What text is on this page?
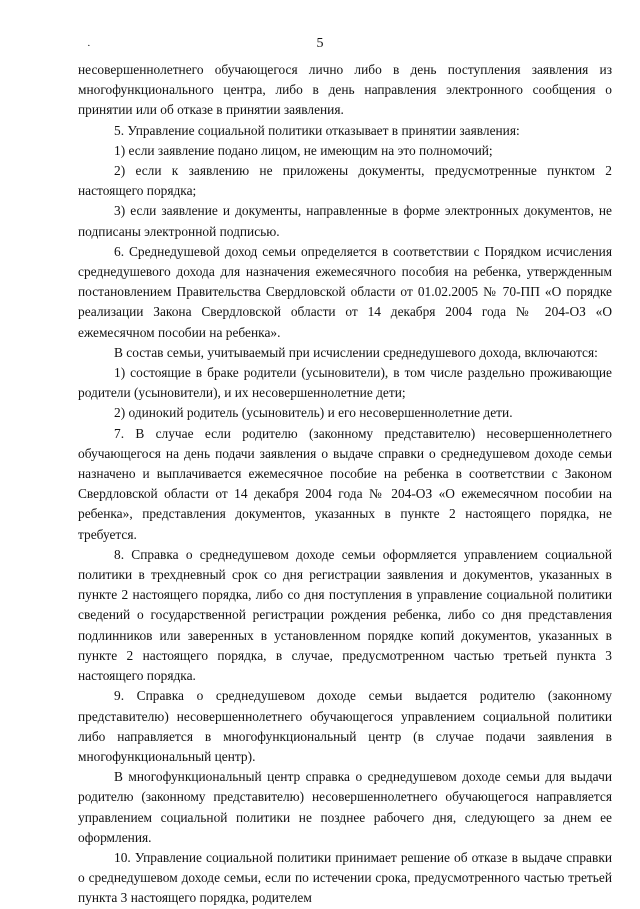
·	5

несовершеннолетнего обучающегося лично либо в день поступления заявления из многофункционального центра, либо в день направления электронного сообщения о принятии или об отказе в принятии заявления.

5. Управление социальной политики отказывает в принятии заявления:

1) если заявление подано лицом, не имеющим на это полномочий;

2) если к заявлению не приложены документы, предусмотренные пунктом 2 настоящего порядка;

3) если заявление и документы, направленные в форме электронных документов, не подписаны электронной подписью.

6. Среднедушевой доход семьи определяется в соответствии с Порядком исчисления среднедушевого дохода для назначения ежемесячного пособия на ребенка, утвержденным постановлением Правительства Свердловской области от 01.02.2005 № 70-ПП «О порядке реализации Закона Свердловской области от 14 декабря 2004 года № 204-ОЗ «О ежемесячном пособии на ребенка».

В состав семьи, учитываемый при исчислении среднедушевого дохода, включаются:

1) состоящие в браке родители (усыновители), в том числе раздельно проживающие родители (усыновители), и их несовершеннолетние дети;

2) одинокий родитель (усыновитель) и его несовершеннолетние дети.

7. В случае если родителю (законному представителю) несовершеннолетнего обучающегося на день подачи заявления о выдаче справки о среднедушевом доходе семьи назначено и выплачивается ежемесячное пособие на ребенка в соответствии с Законом Свердловской области от 14 декабря 2004 года № 204-ОЗ «О ежемесячном пособии на ребенка», представления документов, указанных в пункте 2 настоящего порядка, не требуется.

8. Справка о среднедушевом доходе семьи оформляется управлением социальной политики в трехдневный срок со дня регистрации заявления и документов, указанных в пункте 2 настоящего порядка, либо со дня поступления в управление социальной политики сведений о государственной регистрации рождения ребенка, либо со дня представления подлинников или заверенных в установленном порядке копий документов, указанных в пункте 2 настоящего порядка, в случае, предусмотренном частью третьей пункта 3 настоящего порядка.

9. Справка о среднедушевом доходе семьи выдается родителю (законному представителю) несовершеннолетнего обучающегося управлением социальной политики либо направляется в многофункциональный центр (в случае подачи заявления в многофункциональный центр).

В многофункциональный центр справка о среднедушевом доходе семьи для выдачи родителю (законному представителю) несовершеннолетнего обучающегося направляется управлением социальной политики не позднее рабочего дня, следующего за днем ее оформления.

10. Управление социальной политики принимает решение об отказе в выдаче справки о среднедушевом доходе семьи, если по истечении срока, предусмотренного частью третьей пункта 3 настоящего порядка, родителем
